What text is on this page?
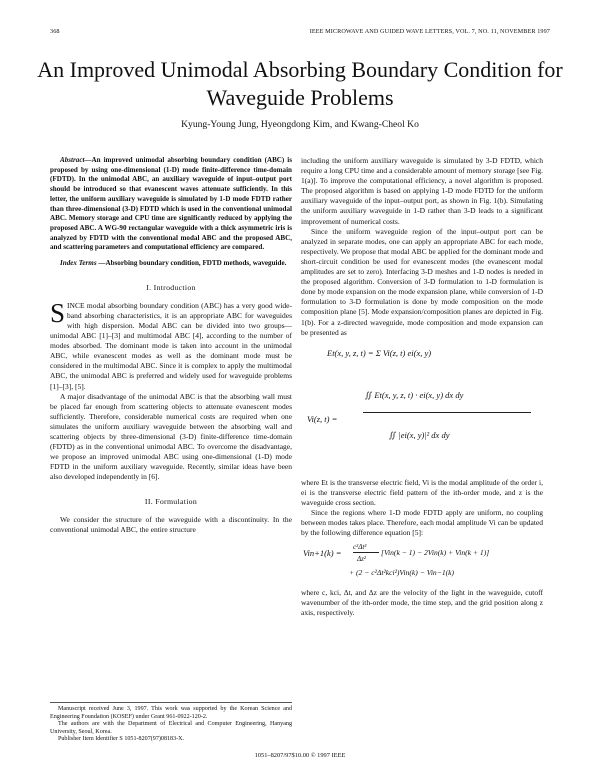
368	IEEE MICROWAVE AND GUIDED WAVE LETTERS, VOL. 7, NO. 11, NOVEMBER 1997
An Improved Unimodal Absorbing Boundary Condition for Waveguide Problems
Kyung-Young Jung, Hyeongdong Kim, and Kwang-Cheol Ko

Abstract—An improved unimodal absorbing boundary condition (ABC) is proposed by using one-dimensional (1-D) mode finite-difference time-domain (FDTD). In the unimodal ABC, an auxiliary waveguide of input–output port should be introduced so that evanescent waves attenuate sufficiently. In this letter, the uniform auxiliary waveguide is simulated by 1-D mode FDTD rather than three-dimensional (3-D) FDTD which is used in the conventional unimodal ABC. Memory storage and CPU time are significantly reduced by applying the proposed ABC. A WG-90 rectangular waveguide with a thick asymmetric iris is analyzed by FDTD with the conventional modal ABC and the proposed ABC, and scattering parameters and computational efficiency are compared.

Index Terms —Absorbing boundary condition, FDTD methods, waveguide.

I. Introduction

SINCE modal absorbing boundary condition (ABC) has a very good wide-band absorbing characteristics, it is an appropriate ABC for waveguides with high dispersion. Modal ABC can be divided into two groups—unimodal ABC [1]–[3] and multimodal ABC [4], according to the number of modes absorbed. The dominant mode is taken into account in the unimodal ABC, while evanescent modes as well as the dominant mode must be considered in the multimodal ABC. Since it is complex to apply the multimodal ABC, the unimodal ABC is preferred and widely used for waveguide problems [1]–[3], [5].

A major disadvantage of the unimodal ABC is that the absorbing wall must be placed far enough from scattering objects to attenuate evanescent modes sufficiently. Therefore, considerable numerical costs are required when one simulates the uniform auxiliary waveguide between the absorbing wall and scattering objects by three-dimensional (3-D) finite-difference time-domain (FDTD) as in the conventional unimodal ABC. To overcome the disadvantage, we propose an improved unimodal ABC using one-dimensional (1-D) mode FDTD in the uniform auxiliary waveguide. Recently, similar ideas have been also developed independently in [6].

II. Formulation

We consider the structure of the waveguide with a discontinuity. In the conventional unimodal ABC, the entire structure

including the uniform auxiliary waveguide is simulated by 3-D FDTD, which require a long CPU time and a considerable amount of memory storage [see Fig. 1(a)]. To improve the computational efficiency, a novel algorithm is proposed. The proposed algorithm is based on applying 1-D mode FDTD for the uniform auxiliary waveguide of the input–output port, as shown in Fig. 1(b). Simulating the uniform auxiliary waveguide in 1-D rather than 3-D leads to a significant improvement of numerical costs.

Since the uniform waveguide region of the input–output port can be analyzed in separate modes, one can apply an appropriate ABC for each mode, respectively. We propose that modal ABC be applied for the dominant mode and short-circuit condition be used for evanescent modes (the evanescent modal amplitudes are set to zero). Interfacing 3-D meshes and 1-D nodes is needed in the proposed algorithm. Conversion of 3-D formulation to 1-D formulation is done by mode expansion on the mode expansion plane, while conversion of 1-D formulation to 3-D formulation is done by mode composition on the mode composition plane [5]. Mode expansion/composition planes are depicted in Fig. 1(b). For a z-directed waveguide, mode composition and mode expansion can be presented as

Et(x, y, z, t) = Σ Vi(z, t) ei(x, y)
Vi(z, t) =
∬ Et(x, y, z, t) · ei(x, y) dx dy
∬ |ei(x, y)|² dx dy

where Et is the transverse electric field, Vi is the modal amplitude of the order i, ei is the transverse electric field pattern of the ith-order mode, and z is the waveguide cross section.

Since the regions where 1-D mode FDTD apply are uniform, no coupling between modes takes place. Therefore, each modal amplitude Vi can be updated by the following difference equation [5]:

Vin+1(k) =
c²Δt²
Δz²
[Vin(k − 1) − 2Vin(k) + Vin(k + 1)]
+ (2 − c²Δt²kci²)Vin(k) − Vin−1(k)

where c, kci, Δt, and Δz are the velocity of the light in the waveguide, cutoff wavenumber of the ith-order mode, the time step, and the grid position along z axis, respectively.

Manuscript received June 3, 1997. This work was supported by the Korean Science and Engineering Foundation (KOSEF) under Grant 961-0922-120-2.

The authors are with the Department of Electrical and Computer Engineering, Hanyang University, Seoul, Korea.

Publisher Item Identifier S 1051-8207(97)08183-X.

1051–8207/97$10.00 © 1997 IEEE
